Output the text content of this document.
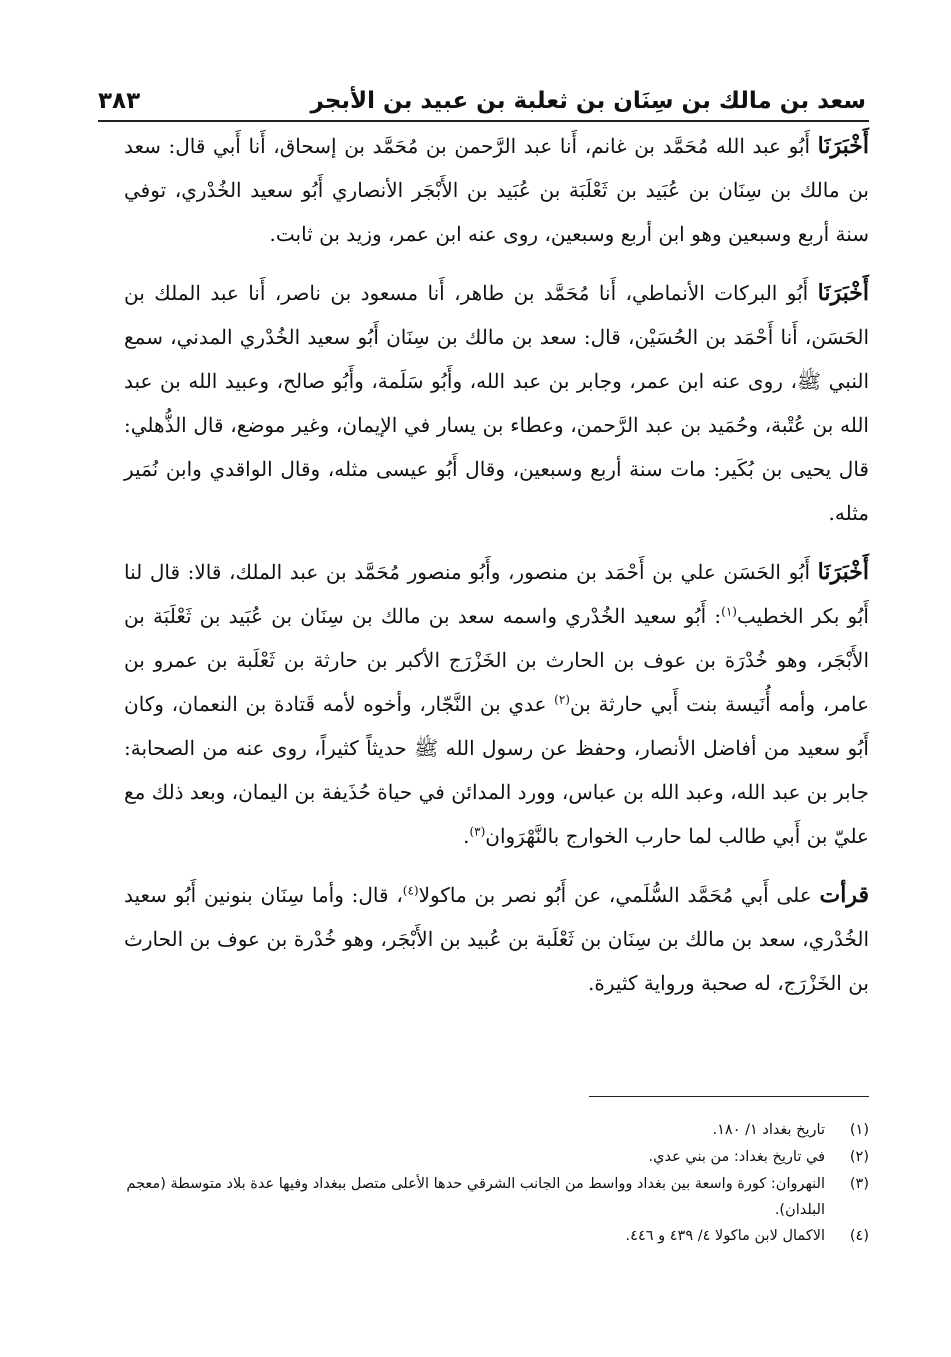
سعد بن مالك بن سِنَان بن ثعلبة بن عبيد بن الأبجر
٣٨٣

أَخْبَرَنَا أَبُو عبد الله مُحَمَّد بن غانم، أَنا عبد الرَّحمن بن مُحَمَّد بن إسحاق، أَنا أَبي قال: سعد بن مالك بن سِنَان بن عُبَيد بن ثَعْلَبَة بن عُبَيد بن الأَبْجَر الأنصاري أَبُو سعيد الخُدْري، توفي سنة أربع وسبعين وهو ابن أربع وسبعين، روى عنه ابن عمر، وزيد بن ثابت.

أَخْبَرَنَا أَبُو البركات الأنماطي، أَنا مُحَمَّد بن طاهر، أَنا مسعود بن ناصر، أَنا عبد الملك بن الحَسَن، أَنا أَحْمَد بن الحُسَيْن، قال: سعد بن مالك بن سِنَان أَبُو سعيد الخُدْري المدني، سمع النبي ﷺ، روى عنه ابن عمر، وجابر بن عبد الله، وأَبُو سَلَمة، وأَبُو صالح، وعبيد الله بن عبد الله بن عُتْبة، وحُمَيد بن عبد الرَّحمن، وعطاء بن يسار في الإيمان، وغير موضع، قال الذُّهلي: قال يحيى بن بُكَير: مات سنة أربع وسبعين، وقال أَبُو عيسى مثله، وقال الواقدي وابن نُمَير مثله.

أَخْبَرَنَا أَبُو الحَسَن علي بن أَحْمَد بن منصور، وأَبُو منصور مُحَمَّد بن عبد الملك، قالا: قال لنا أَبُو بكر الخطيب$^{(١)}$: أَبُو سعيد الخُدْري واسمه سعد بن مالك بن سِنَان بن عُبَيد بن ثَعْلَبَة بن الأَبْجَر، وهو خُدْرَة بن عوف بن الحارث بن الخَزْرَج الأكبر بن حارثة بن ثَعْلَبة بن عمرو بن عامر، وأمه أُنَيسة بنت أَبي حارثة بن$^{(٢)}$ عدي بن النَّجّار، وأخوه لأمه قَتادة بن النعمان، وكان أَبُو سعيد من أفاضل الأنصار، وحفظ عن رسول الله ﷺ حديثاً كثيراً، روى عنه من الصحابة: جابر بن عبد الله، وعبد الله بن عباس، وورد المدائن في حياة حُذَيفة بن اليمان، وبعد ذلك مع عليّ بن أَبي طالب لما حارب الخوارج بالنَّهْرَوان$^{(٣)}$.

قرأت على أَبي مُحَمَّد السُّلَمي، عن أَبُو نصر بن ماكولا$^{(٤)}$، قال: وأما سِنَان بنونين أَبُو سعيد الخُدْري، سعد بن مالك بن سِنَان بن ثَعْلَبة بن عُبيد بن الأَبْجَر، وهو خُدْرة بن عوف بن الحارث بن الخَزْرَج، له صحبة ورواية كثيرة.

(١)
تاريخ بغداد ١/ ١٨٠.
(٢)
في تاريخ بغداد: من بني عدي.
(٣)
النهروان: كورة واسعة بين بغداد وواسط من الجانب الشرقي حدها الأعلى متصل ببغداد وفيها عدة بلاد متوسطة (معجم البلدان).
(٤)
الاكمال لابن ماكولا ٤/ ٤٣٩ و ٤٤٦.
